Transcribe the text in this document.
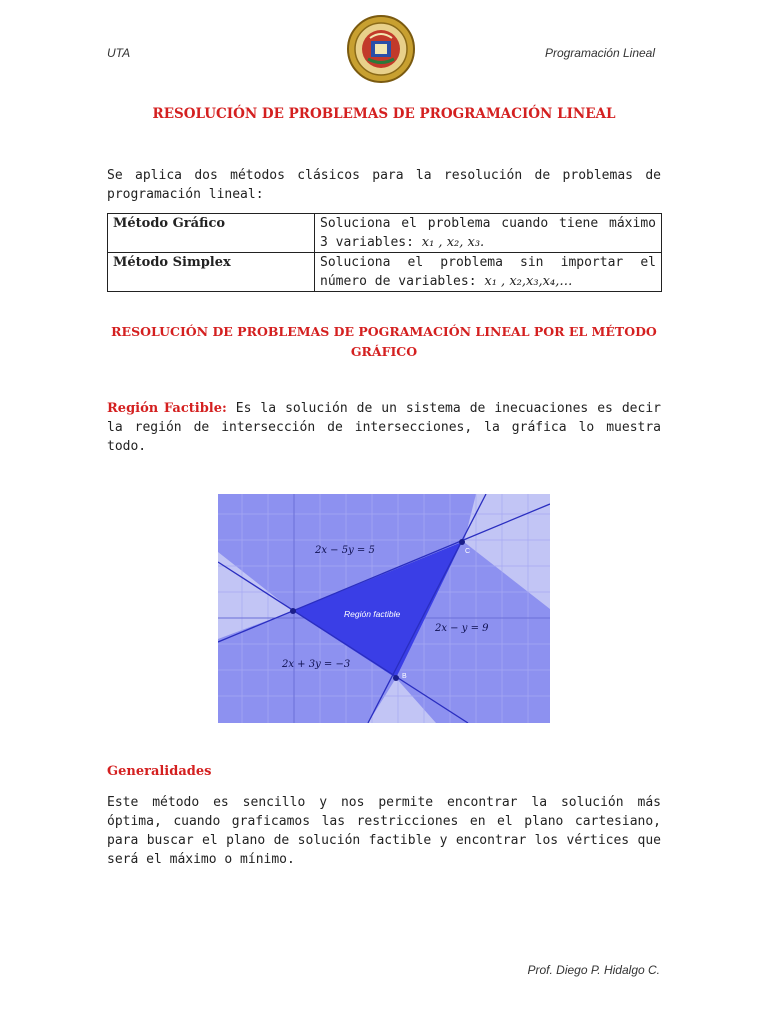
UTA	Programación Lineal
RESOLUCIÓN DE PROBLEMAS DE PROGRAMACIÓN LINEAL
Se aplica dos métodos clásicos para la resolución de problemas de programación lineal:
Método Gráfico	Soluciona el problema cuando tiene máximo 3 variables: x₁ , x₂, x₃.
Método Simplex	Soluciona el problema sin importar el número de variables: x₁ , x₂,x₃,x₄,…
RESOLUCIÓN DE PROBLEMAS DE POGRAMACIÓN LINEAL POR EL MÉTODO GRÁFICO
Región Factible: Es la solución de un sistema de inecuaciones es decir la región de intersección de intersecciones, la gráfica lo muestra todo.
2x − 5y = 5
2x − y = 9
2x + 3y = −3
Región factible
C
B
Generalidades
Este método es sencillo y nos permite encontrar la solución más óptima, cuando graficamos las restricciones en el plano cartesiano, para buscar el plano de solución factible y encontrar los vértices que será el máximo o mínimo.
Prof. Diego P. Hidalgo C.
